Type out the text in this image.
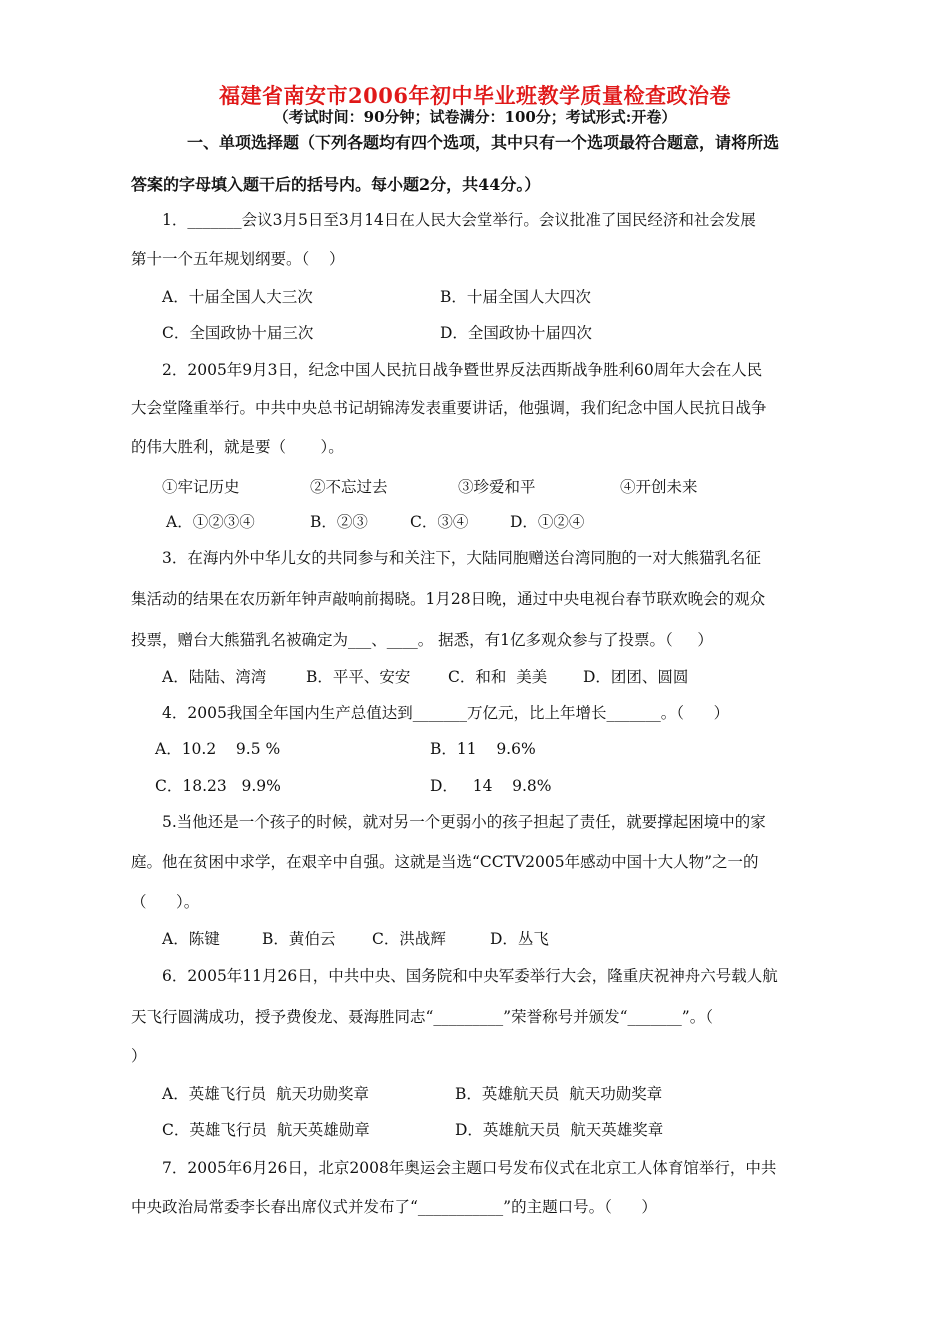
福建省南安市2006年初中毕业班教学质量检查政治卷
（考试时间：90分钟；试卷满分：100分；考试形式:开卷）
一、单项选择题（下列各题均有四个选项，其中只有一个选项最符合题意，请将所选
答案的字母填入题干后的括号内。每小题2分，共44分。）
1．_______会议3月5日至3月14日在人民大会堂举行。会议批准了国民经济和社会发展
第十一个五年规划纲要。（    ）
A．十届全国人大三次	B．十届全国人大四次
C．全国政协十届三次	D．全国政协十届四次
2．2005年9月3日，纪念中国人民抗日战争暨世界反法西斯战争胜利60周年大会在人民
大会堂隆重举行。中共中央总书记胡锦涛发表重要讲话，他强调，我们纪念中国人民抗日战争
的伟大胜利，就是要（       ）。
①牢记历史	②不忘过去	③珍爱和平	④开创未来
A．①②③④	B．②③	C．③④	D．①②④
3．在海内外中华儿女的共同参与和关注下，大陆同胞赠送台湾同胞的一对大熊猫乳名征
集活动的结果在农历新年钟声敲响前揭晓。1月28日晚，通过中央电视台春节联欢晚会的观众
投票，赠台大熊猫乳名被确定为___、____。 据悉，有1亿多观众参与了投票。（     ）
A．陆陆、湾湾	B．平平、安安 C．和和  美美 D．团团、圆圆
4．2005我国全年国内生产总值达到_______万亿元，比上年增长_______。（      ）
A．10.2    9.5 %	B．11    9.6%
C．18.23   9.9%	D．   14    9.8%
5.当他还是一个孩子的时候，就对另一个更弱小的孩子担起了责任，就要撑起困境中的家
庭。他在贫困中求学，在艰辛中自强。这就是当选“CCTV2005年感动中国十大人物”之一的
（      ）。
A．陈键	B．黄伯云 C．洪战辉	D．丛飞
6．2005年11月26日，中共中央、国务院和中央军委举行大会，隆重庆祝神舟六号载人航
天飞行圆满成功，授予费俊龙、聂海胜同志“_________”荣誉称号并颁发“_______”。（
）
A．英雄飞行员  航天功勋奖章	B．英雄航天员  航天功勋奖章
C．英雄飞行员  航天英雄勋章	D．英雄航天员  航天英雄奖章
7．2005年6月26日，北京2008年奥运会主题口号发布仪式在北京工人体育馆举行，中共
中央政治局常委李长春出席仪式并发布了“___________”的主题口号。（      ）
